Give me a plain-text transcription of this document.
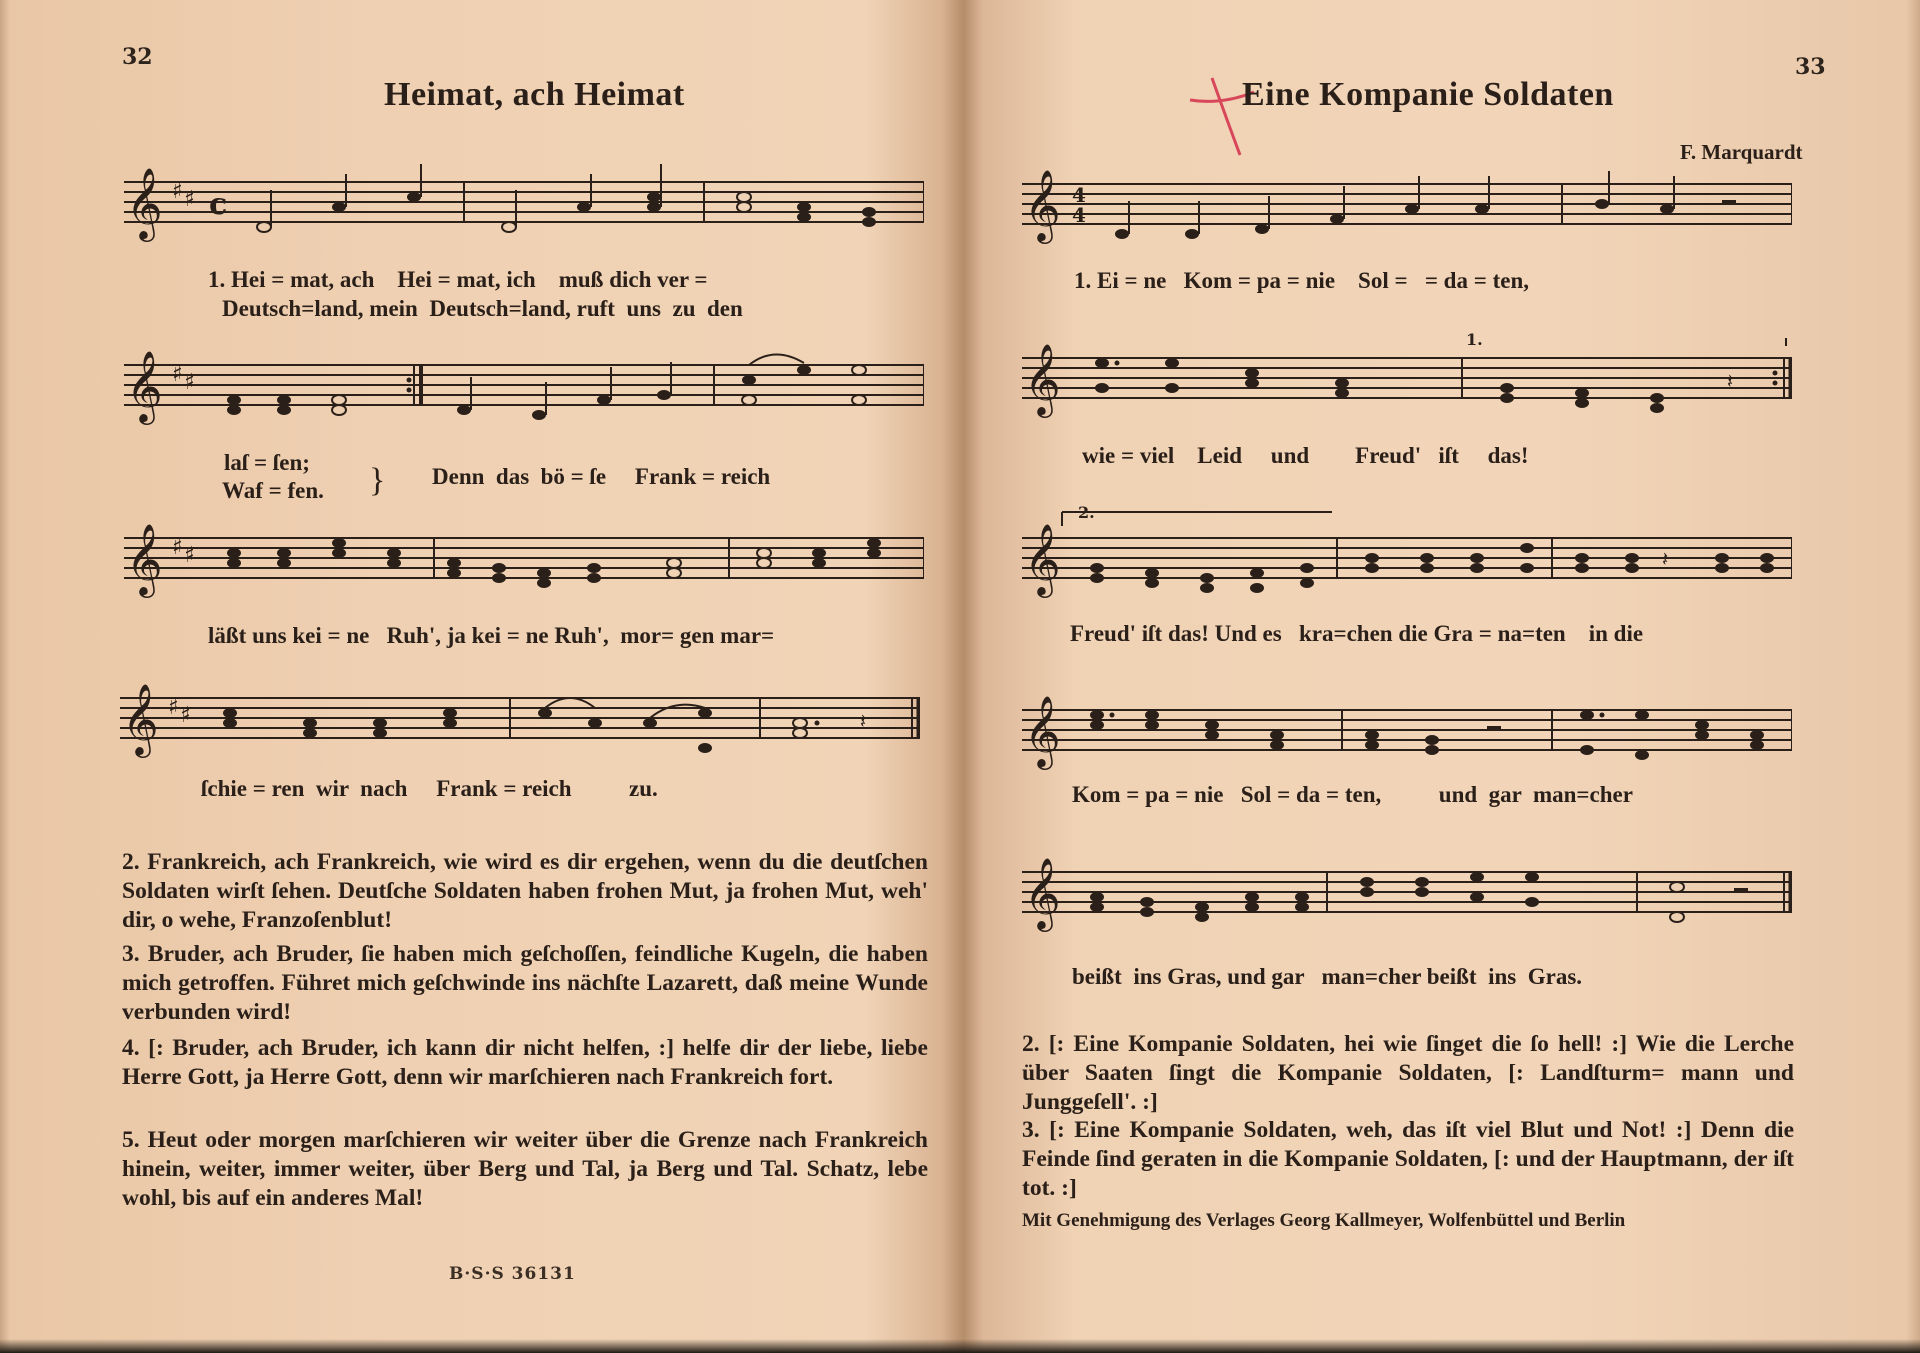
32
Heimat, ach Heimat
𝄞 ♯ ♯ c
1. Hei = mat, ach    Hei = mat, ich    muß dich ver =
Deutsch=land, mein  Deutsch=land, ruft  uns  zu  den
𝄞 ♯ ♯
laſ = ſen;
Waf = fen. } Denn  das  bö = ſe     Frank = reich
𝄞 ♯ ♯
läßt uns kei = ne   Ruh', ja kei = ne Ruh',  mor= gen mar=
𝄞 ♯ ♯	𝄽
ſchie = ren  wir  nach     Frank = reich          zu.
2. Frankreich, ach Frankreich, wie wird es dir ergehen, wenn du die deutſchen Soldaten wirſt ſehen. Deutſche Soldaten haben frohen Mut, ja frohen Mut, weh' dir, o wehe, Franzoſenblut!
3. Bruder, ach Bruder, ſie haben mich geſchoſſen, feindliche Kugeln, die haben mich getroffen. Führet mich geſchwinde ins nächſte Lazarett, daß meine Wunde verbunden wird!
4. [: Bruder, ach Bruder, ich kann dir nicht helfen, :] helfe dir der liebe, liebe Herre Gott, ja Herre Gott, denn wir marſchieren nach Frankreich fort.
5. Heut oder morgen marſchieren wir weiter über die Grenze nach Frankreich hinein, weiter, immer weiter, über Berg und Tal, ja Berg und Tal. Schatz, lebe wohl, bis auf ein anderes Mal!
B·S·S 36131
33
Eine Kompanie Soldaten
F. Marquardt
𝄞 4
4
1. Ei = ne   Kom = pa = nie    Sol =   = da = ten,
𝄞	𝄽
1.
wie = viel    Leid     und        Freud'   iſt     das!
𝄞	𝄽
2.
Freud' iſt das! Und es   kra=chen die Gra = na=ten    in die
𝄞
Kom = pa = nie   Sol = da = ten,          und  gar  man=cher
𝄞
beißt  ins Gras, und gar   man=cher beißt  ins  Gras.
2. [: Eine Kompanie Soldaten, hei wie ſinget die ſo hell! :] Wie die Lerche über Saaten ſingt die Kompanie Soldaten, [: Landſturm= mann und Junggeſell'. :]
3. [: Eine Kompanie Soldaten, weh, das iſt viel Blut und Not! :] Denn die Feinde ſind geraten in die Kompanie Soldaten, [: und der Hauptmann, der iſt tot. :]
Mit Genehmigung des Verlages Georg Kallmeyer, Wolfenbüttel und Berlin
